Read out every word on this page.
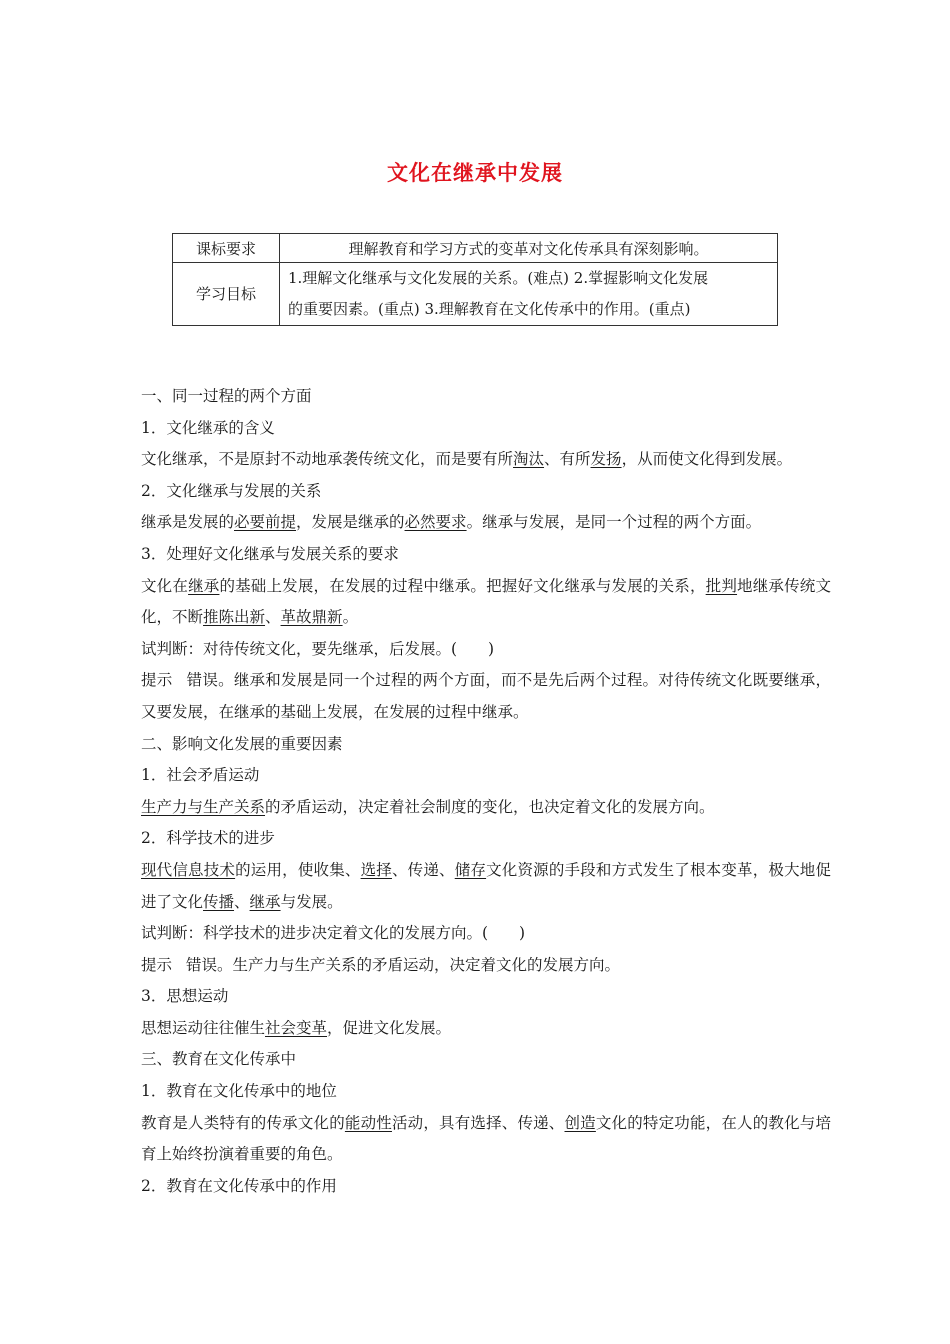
文化在继承中发展
课标要求	理解教育和学习方式的变革对文化传承具有深刻影响。
学习目标	1.理解文化继承与文化发展的关系。(难点) 2.掌握影响文化发展
的重要因素。(重点) 3.理解教育在文化传承中的作用。(重点)

一、同一过程的两个方面

1．文化继承的含义

文化继承，不是原封不动地承袭传统文化，而是要有所淘汰、有所发扬，从而使文化得到发展。

2．文化继承与发展的关系

继承是发展的必要前提，发展是继承的必然要求。继承与发展，是同一个过程的两个方面。

3．处理好文化继承与发展关系的要求

文化在继承的基础上发展，在发展的过程中继承。把握好文化继承与发展的关系，批判地继承传统文化，不断推陈出新、革故鼎新。

试判断：对待传统文化，要先继承，后发展。(　　)

提示 错误。继承和发展是同一个过程的两个方面，而不是先后两个过程。对待传统文化既要继承，又要发展，在继承的基础上发展，在发展的过程中继承。

二、影响文化发展的重要因素

1．社会矛盾运动

生产力与生产关系的矛盾运动，决定着社会制度的变化，也决定着文化的发展方向。

2．科学技术的进步

现代信息技术的运用，使收集、选择、传递、储存文化资源的手段和方式发生了根本变革，极大地促进了文化传播、继承与发展。

试判断：科学技术的进步决定着文化的发展方向。(　　)

提示 错误。生产力与生产关系的矛盾运动，决定着文化的发展方向。

3．思想运动

思想运动往往催生社会变革，促进文化发展。

三、教育在文化传承中

1．教育在文化传承中的地位

教育是人类特有的传承文化的能动性活动，具有选择、传递、创造文化的特定功能，在人的教化与培育上始终扮演着重要的角色。

2．教育在文化传承中的作用
